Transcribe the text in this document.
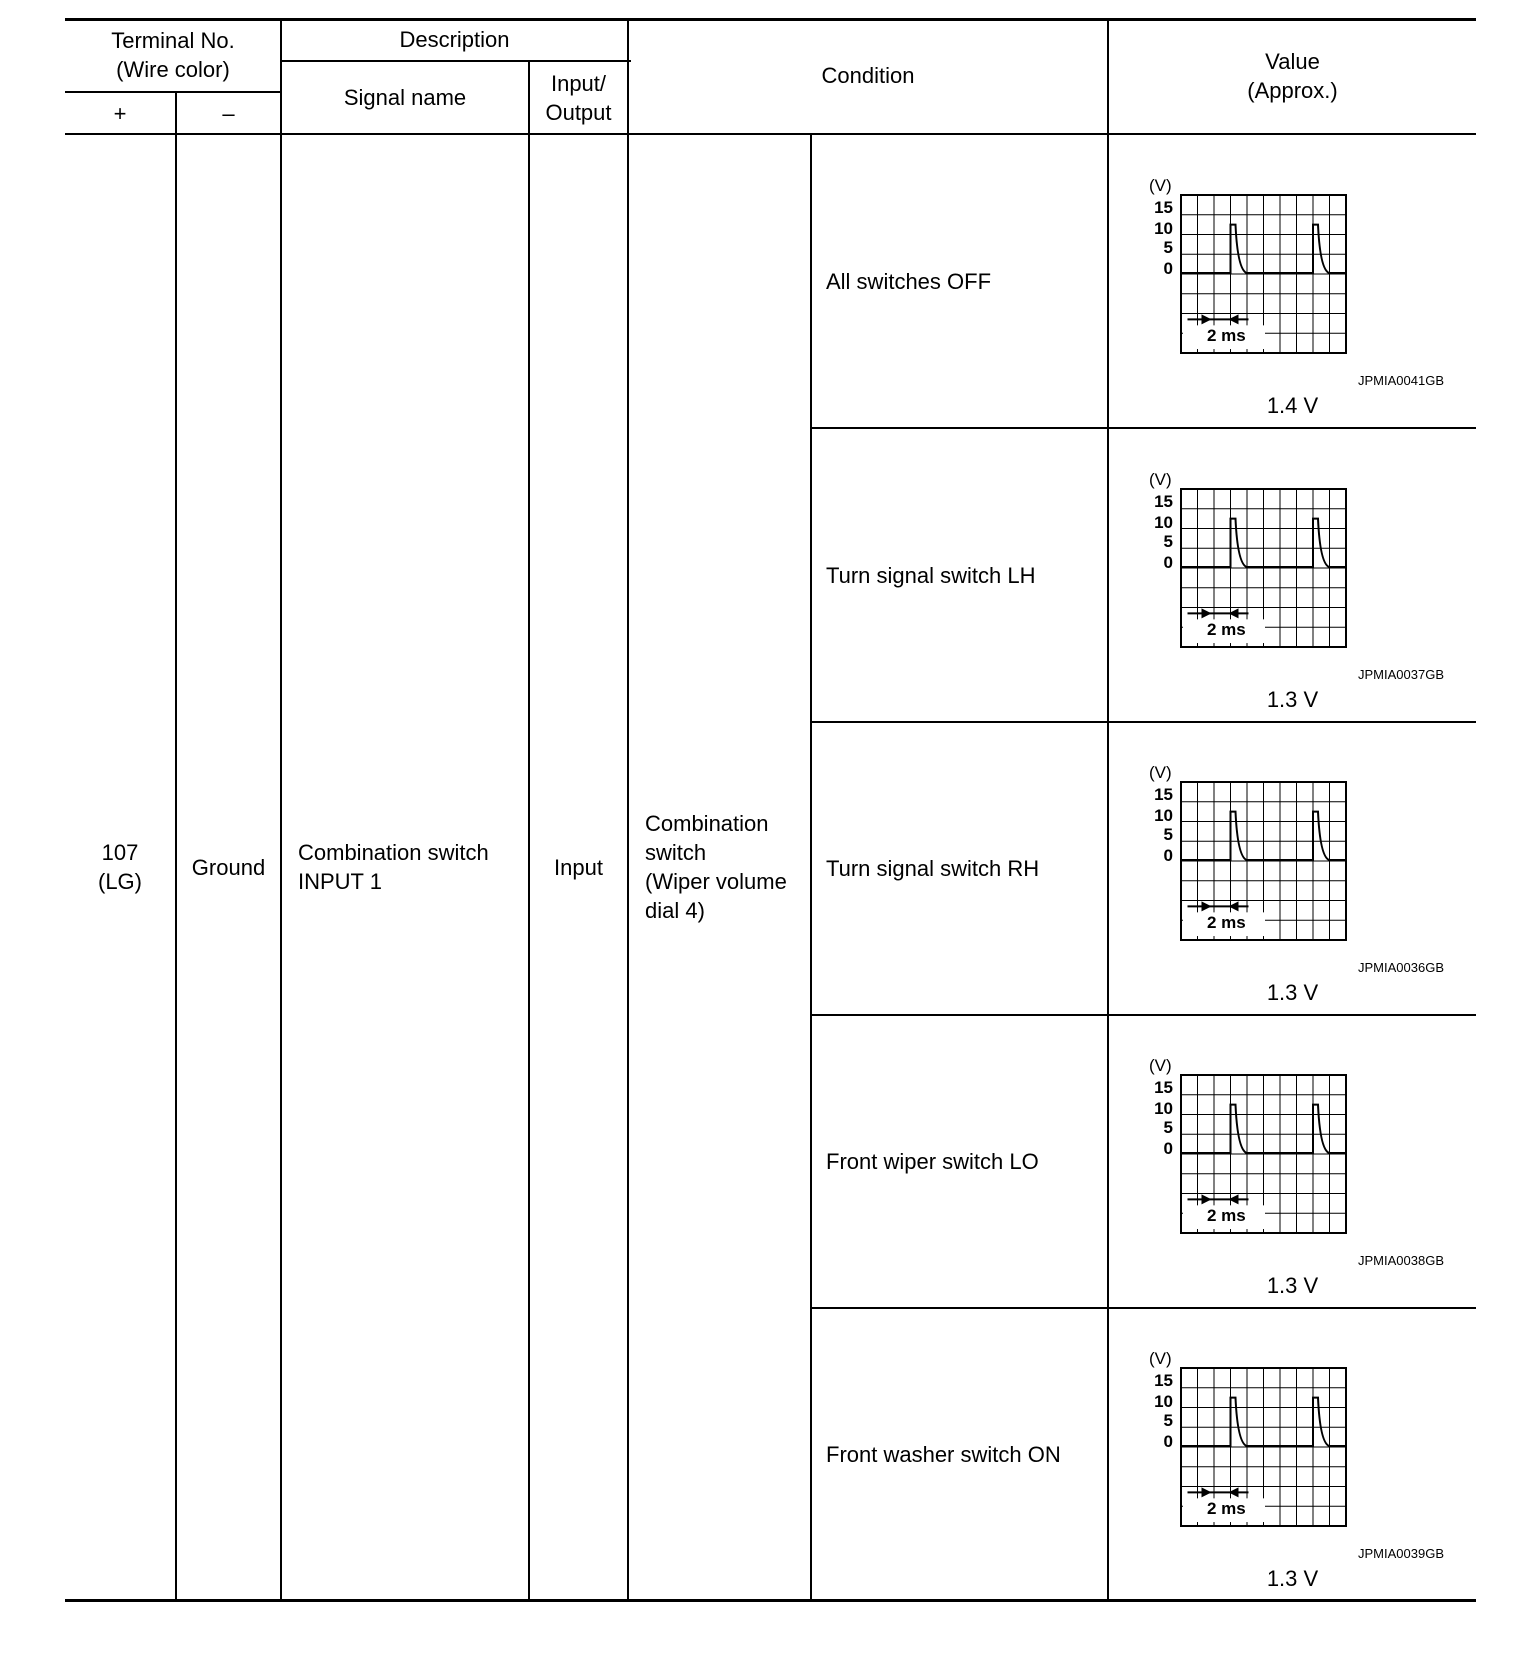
Terminal No.
(Wire color)
+	–
Description
Signal name
Input/
Output
Condition
Value
(Approx.)
107
(LG)
Ground
Combination switch
INPUT 1
Input
Combination
switch
(Wiper volume
dial 4)
All switches OFF
Turn signal switch LH
Turn signal switch RH
Front wiper switch LO
Front washer switch ON
(V)
15
10
5
0
2 ms
JPMIA0041GB
1.4 V
(V)
15
10
5
0
2 ms
JPMIA0037GB
1.3 V
(V)
15
10
5
0
2 ms
JPMIA0036GB
1.3 V
(V)
15
10
5
0
2 ms
JPMIA0038GB
1.3 V
(V)
15
10
5
0
2 ms
JPMIA0039GB
1.3 V
